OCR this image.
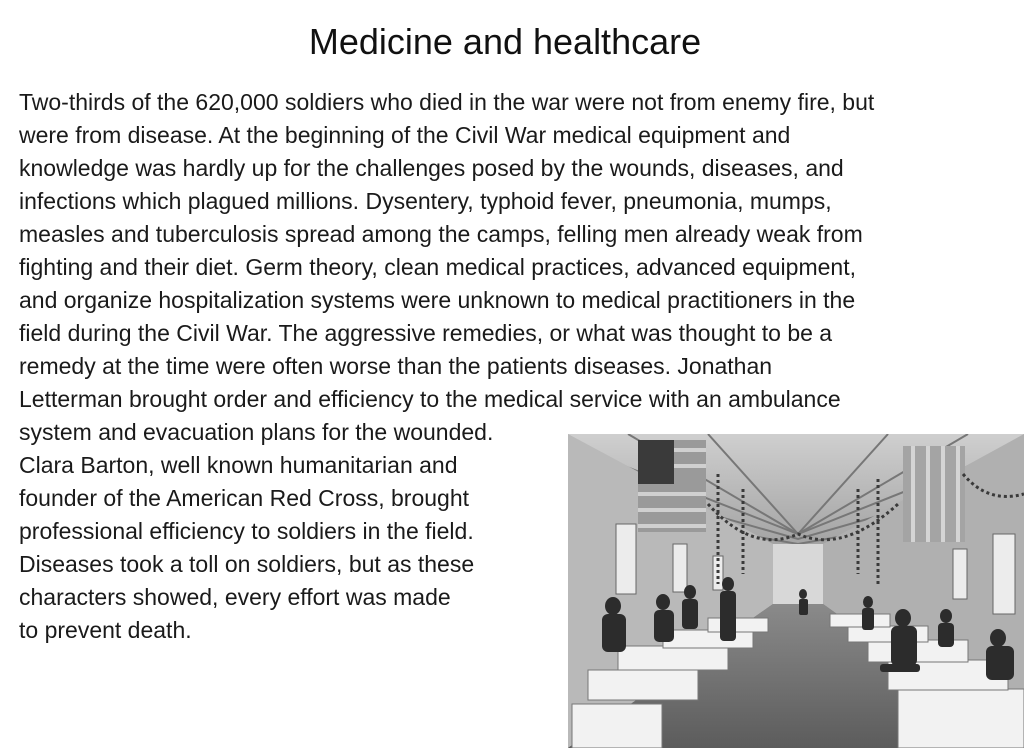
Medicine and healthcare
Two-thirds of the 620,000 soldiers who died in the war were not from enemy fire, but
were from disease. At the beginning of the Civil War medical equipment and
knowledge was hardly up for the challenges posed by the wounds, diseases, and
infections which plagued millions. Dysentery, typhoid fever, pneumonia, mumps,
measles and tuberculosis spread among the camps, felling men already weak from
fighting and their diet. Germ theory, clean medical practices, advanced equipment,
and organize hospitalization systems were unknown to medical practitioners in the
field during the Civil War. The aggressive remedies, or what was thought to be a
remedy at the time were often worse than the patients diseases. Jonathan
Letterman brought order and efficiency to the medical service with an ambulance
system and evacuation plans for the wounded.
Clara Barton, well known humanitarian and
founder of the American Red Cross, brought
professional efficiency to soldiers in the field.
Diseases took a toll on soldiers, but as these
characters showed, every effort was made
to prevent death.
